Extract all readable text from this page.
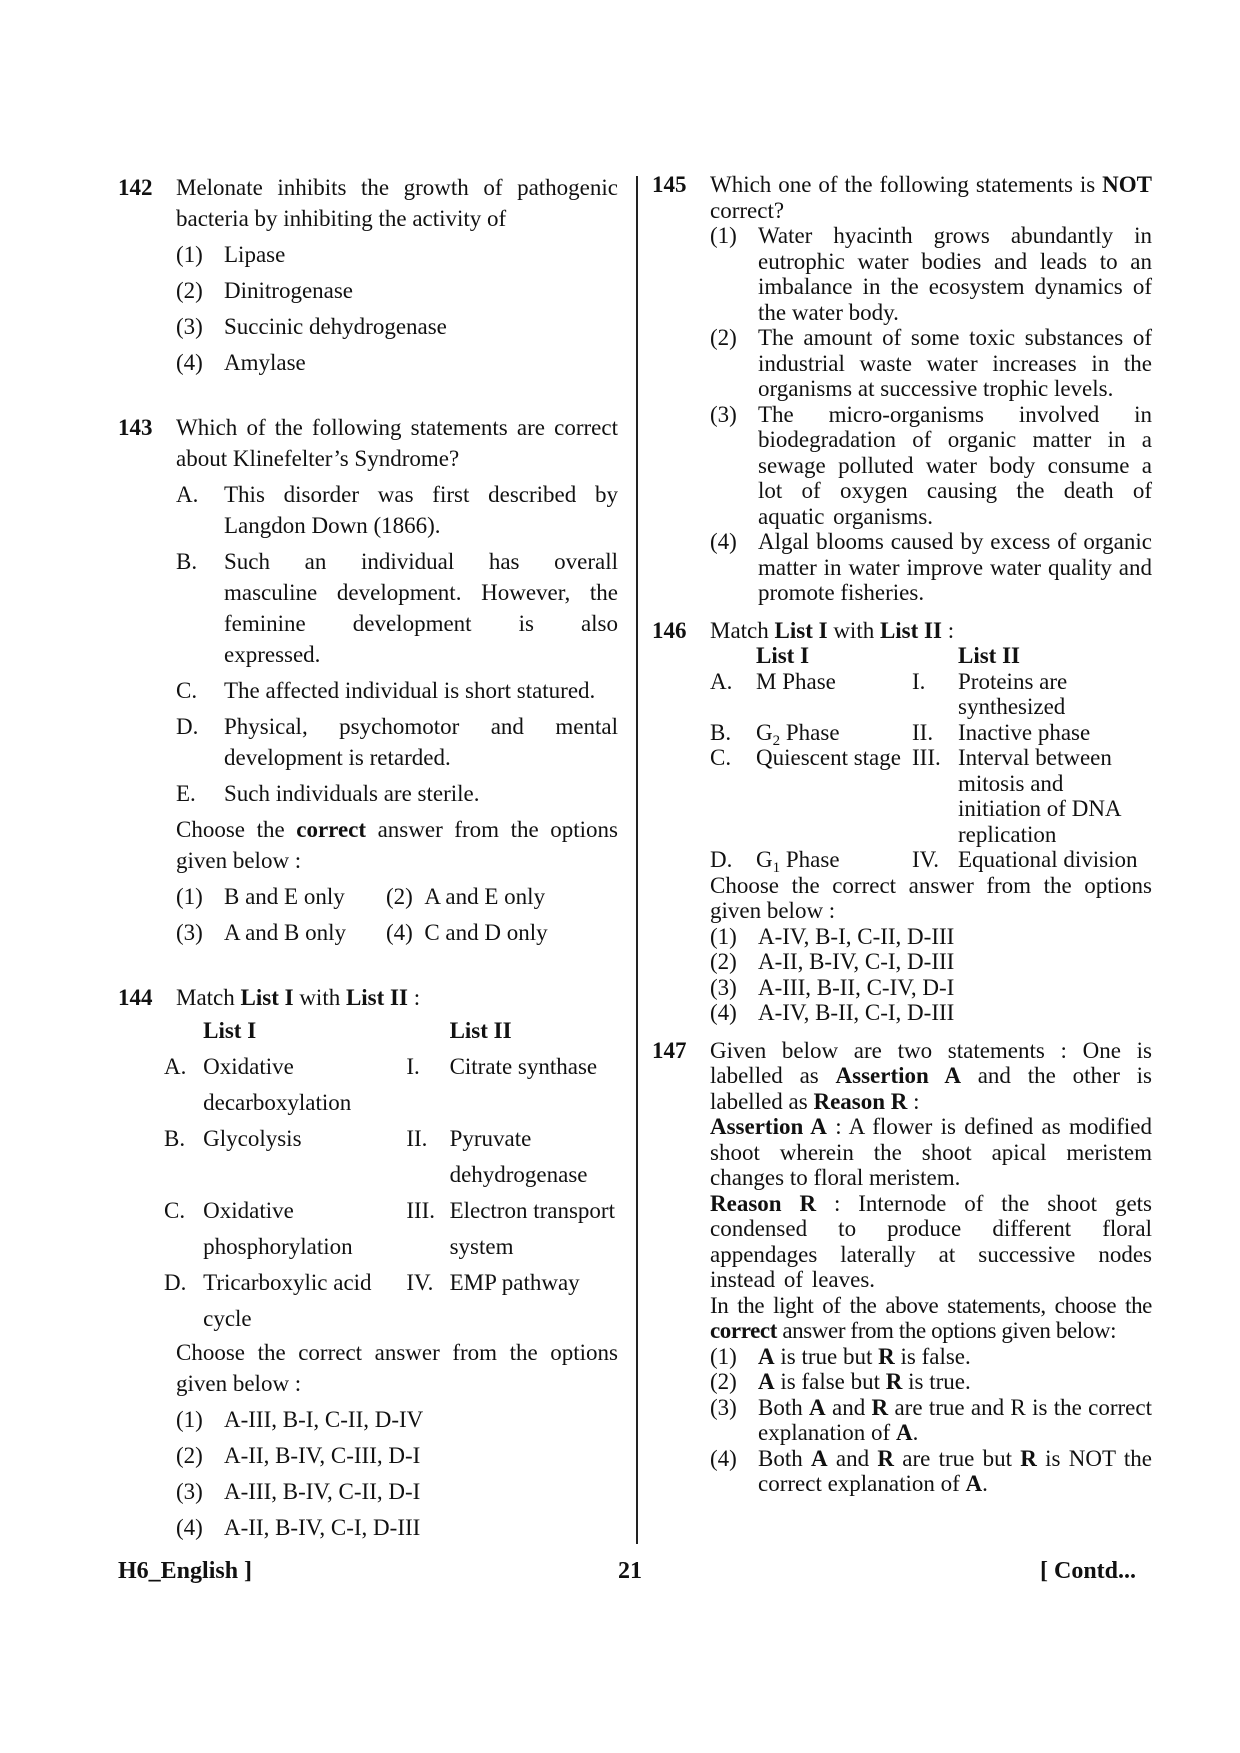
142 Melonate inhibits the growth of pathogenic bacteria by inhibiting the activity of
(1) Lipase
(2) Dinitrogenase
(3) Succinic dehydrogenase
(4) Amylase
143 Which of the following statements are correct about Klinefelter’s Syndrome?
A. This disorder was first described by Langdon Down (1866).
B. Such an individual has overall masculine development. However, the feminine development is also expressed.
C. The affected individual is short statured.
D. Physical, psychomotor and mental development is retarded.
E. Such individuals are sterile.
Choose the correct answer from the options given below :
(1) B and E only	(2) A and E only
(3) A and B only	(4) C and D only
144 Match List I with List II :
	List I		List II
A.	Oxidative decarboxylation	I.	Citrate synthase
B.	Glycolysis	II.	Pyruvate dehydrogenase
C.	Oxidative phosphorylation	III.	Electron transport system
D.	Tricarboxylic acid cycle	IV.	EMP pathway
Choose the correct answer from the options given below :
(1) A-III, B-I, C-II, D-IV
(2) A-II, B-IV, C-III, D-I
(3) A-III, B-IV, C-II, D-I
(4) A-II, B-IV, C-I, D-III
145 Which one of the following statements is NOT correct?
(1) Water hyacinth grows abundantly in eutrophic water bodies and leads to an imbalance in the ecosystem dynamics of the water body.
(2) The amount of some toxic substances of industrial waste water increases in the organisms at successive trophic levels.
(3) The micro-organisms involved in biodegradation of organic matter in a sewage polluted water body consume a lot of oxygen causing the death of aquatic organisms.
(4) Algal blooms caused by excess of organic matter in water improve water quality and promote fisheries.
146 Match List I with List II :
	List I		List II
A.	M Phase	I.	Proteins are synthesized
B.	$G_2$ Phase	II.	Inactive phase
C.	Quiescent stage	III.	Interval between mitosis and initiation of DNA replication
D.	$G_1$ Phase	IV.	Equational division
Choose the correct answer from the options given below :
(1) A-IV, B-I, C-II, D-III
(2) A-II, B-IV, C-I, D-III
(3) A-III, B-II, C-IV, D-I
(4) A-IV, B-II, C-I, D-III
147 Given below are two statements : One is labelled as Assertion A and the other is labelled as Reason R :
Assertion A : A flower is defined as modified shoot wherein the shoot apical meristem changes to floral meristem.
Reason R : Internode of the shoot gets condensed to produce different floral appendages laterally at successive nodes instead of leaves.
In the light of the above statements, choose the correct answer from the options given below:
(1) A is true but R is false.
(2) A is false but R is true.
(3) Both A and R are true and R is the correct explanation of A.
(4) Both A and R are true but R is NOT the correct explanation of A.
H6_English ]	21	[ Contd...
